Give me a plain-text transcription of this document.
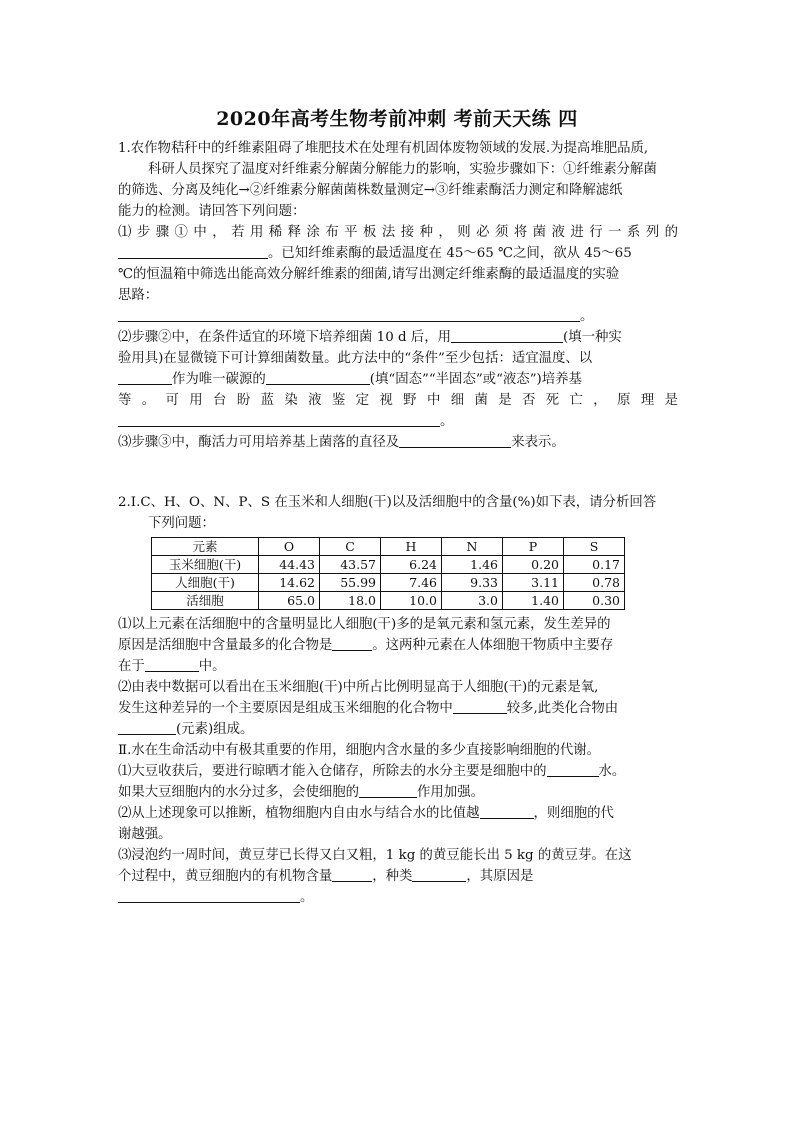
2020年高考生物考前冲刺 考前天天练 四

1.农作物秸秆中的纤维素阻碍了堆肥技术在处理有机固体废物领域的发展.为提高堆肥品质,

科研人员探究了温度对纤维素分解菌分解能力的影响，实验步骤如下：①纤维素分解菌

的筛选、分离及纯化→②纤维素分解菌菌株数量测定→③纤维素酶活力测定和降解滤纸

能力的检测。请回答下列问题：

⑴步骤①中，若用稀释涂布平板法接种，则必须将菌液进行一系列的

。已知纤维素酶的最适温度在 45～65 ℃之间，欲从 45～65

℃的恒温箱中筛选出能高效分解纤维素的细菌,请写出测定纤维素酶的最适温度的实验

思路：

。

⑵步骤②中，在条件适宜的环境下培养细菌 10 d 后，用	(填一种实

验用具)在显微镜下可计算细菌数量。此方法中的“条件”至少包括：适宜温度、以

作为唯一碳源的	(填“固态”“半固态”或“液态”)培养基

等。可用台盼蓝染液鉴定视野中细菌是否死亡，原理是

。

⑶步骤③中，酶活力可用培养基上菌落的直径及	来表示。

2.Ⅰ.C、H、O、N、P、S 在玉米和人细胞(干)以及活细胞中的含量(%)如下表，请分析回答

下列问题：

元素	O	C	H	N	P	S
玉米细胞(干)	44.43	43.57	6.24	1.46	0.20	0.17
人细胞(干)	14.62	55.99	7.46	9.33	3.11	0.78
活细胞	65.0	18.0	10.0	3.0	1.40	0.30

⑴以上元素在活细胞中的含量明显比人细胞(干)多的是氧元素和氢元素，发生差异的

原因是活细胞中含量最多的化合物是	。这两种元素在人体细胞干物质中主要存

在于	中。

⑵由表中数据可以看出在玉米细胞(干)中所占比例明显高于人细胞(干)的元素是氧,

发生这种差异的一个主要原因是组成玉米细胞的化合物中	较多,此类化合物由

(元素)组成。

Ⅱ.水在生命活动中有极其重要的作用，细胞内含水量的多少直接影响细胞的代谢。

⑴大豆收获后，要进行晾晒才能入仓储存，所除去的水分主要是细胞中的	水。

如果大豆细胞内的水分过多，会使细胞的	作用加强。

⑵从上述现象可以推断，植物细胞内自由水与结合水的比值越	，则细胞的代

谢越强。

⑶浸泡约一周时间，黄豆芽已长得又白又粗，1 kg 的黄豆能长出 5 kg 的黄豆芽。在这

个过程中，黄豆细胞内的有机物含量	，种类	，其原因是

。
